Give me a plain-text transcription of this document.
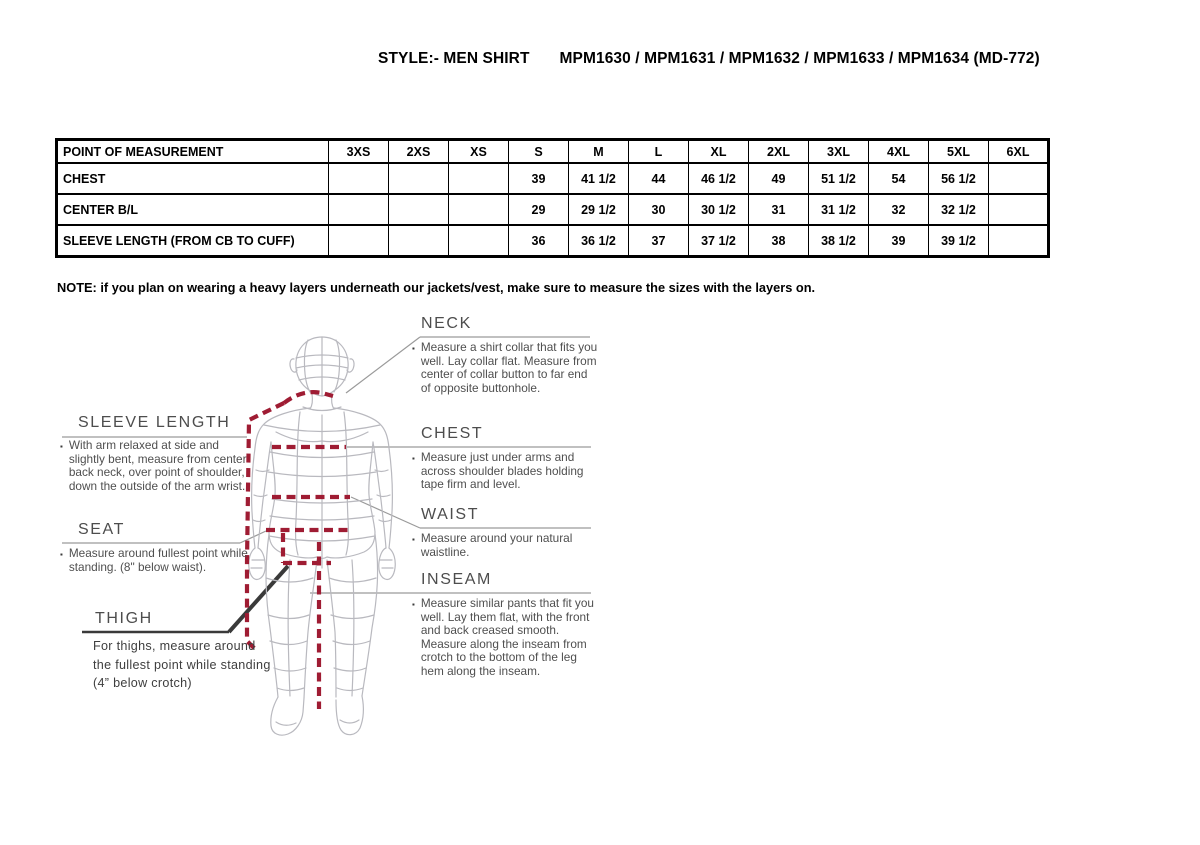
STYLE:- MEN SHIRT MPM1630 / MPM1631 / MPM1632 / MPM1633 / MPM1634 (MD-772)
POINT OF MEASUREMENT	3XS	2XS	XS	S	M	L	XL	2XL	3XL	4XL	5XL	6XL
CHEST				39	41 1/2	44	46 1/2	49	51 1/2	54	56 1/2	
CENTER B/L				29	29 1/2	30	30 1/2	31	31 1/2	32	32 1/2	
SLEEVE LENGTH (FROM CB TO CUFF)				36	36 1/2	37	37 1/2	38	38 1/2	39	39 1/2	
NOTE: if you plan on wearing a heavy layers underneath our jackets/vest, make sure to measure the sizes with the layers on.
SLEEVE LENGTH
▪ With arm relaxed at side and slightly bent, measure from center back neck, over point of shoulder, down the outside of the arm wrist.
SEAT
▪ Measure around fullest point while standing. (8" below waist).
THIGH
For thighs, measure around the fullest point while standing (4” below crotch)
NECK
▪ Measure a shirt collar that fits you well. Lay collar flat. Measure from center of collar button to far end of opposite buttonhole.
CHEST
▪ Measure just under arms and across shoulder blades holding tape firm and level.
WAIST
▪ Measure around your natural waistline.
INSEAM
▪ Measure similar pants that fit you well. Lay them flat, with the front and back creased smooth. Measure along the inseam from crotch to the bottom of the leg hem along the inseam.
